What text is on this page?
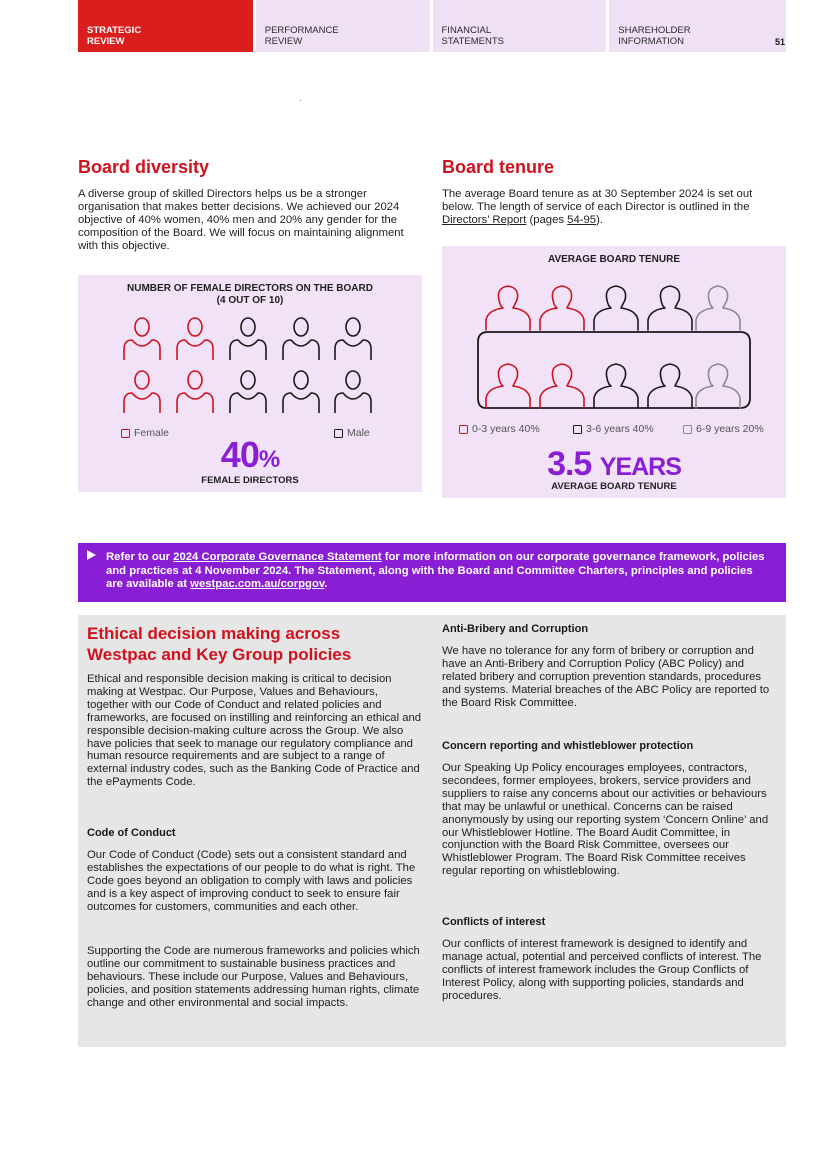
STRATEGIC
REVIEW
PERFORMANCE
REVIEW
FINANCIAL
STATEMENTS
SHAREHOLDER
INFORMATION	51
Board diversity

A diverse group of skilled Directors helps us be a stronger organisation that makes better decisions. We achieved our 2024 objective of 40% women, 40% men and 20% any gender for the composition of the Board. We will focus on maintaining alignment with this objective.

NUMBER OF FEMALE DIRECTORS ON THE BOARD
(4 OUT OF 10)
Female	Male
40%
FEMALE DIRECTORS
Board tenure

The average Board tenure as at 30 September 2024 is set out below. The length of service of each Director is outlined in the Directors’ Report (pages 54-95).

AVERAGE BOARD TENURE
0-3 years 40%	3-6 years 40%	6-9 years 20%
3.5 YEARS
AVERAGE BOARD TENURE
Refer to our 2024 Corporate Governance Statement for more information on our corporate governance framework, policies and practices at 4 November 2024. The Statement, along with the Board and Committee Charters, principles and policies are available at westpac.com.au/corpgov.
Ethical decision making across Westpac and Key Group policies

Ethical and responsible decision making is critical to decision making at Westpac. Our Purpose, Values and Behaviours, together with our Code of Conduct and related policies and frameworks, are focused on instilling and reinforcing an ethical and responsible decision-making culture across the Group. We also have policies that seek to manage our regulatory compliance and human resource requirements and are subject to a range of external industry codes, such as the Banking Code of Practice and the ePayments Code.

Code of Conduct

Our Code of Conduct (Code) sets out a consistent standard and establishes the expectations of our people to do what is right. The Code goes beyond an obligation to comply with laws and policies and is a key aspect of improving conduct to seek to ensure fair outcomes for customers, communities and each other.

Supporting the Code are numerous frameworks and policies which outline our commitment to sustainable business practices and behaviours. These include our Purpose, Values and Behaviours, policies, and position statements addressing human rights, climate change and other environmental and social impacts.

Anti-Bribery and Corruption

We have no tolerance for any form of bribery or corruption and have an Anti-Bribery and Corruption Policy (ABC Policy) and related bribery and corruption prevention standards, procedures and systems. Material breaches of the ABC Policy are reported to the Board Risk Committee.

Concern reporting and whistleblower protection

Our Speaking Up Policy encourages employees, contractors, secondees, former employees, brokers, service providers and suppliers to raise any concerns about our activities or behaviours that may be unlawful or unethical. Concerns can be raised anonymously by using our reporting system ‘Concern Online’ and our Whistleblower Hotline. The Board Audit Committee, in conjunction with the Board Risk Committee, oversees our Whistleblower Program. The Board Risk Committee receives regular reporting on whistleblowing.

Conflicts of interest

Our conflicts of interest framework is designed to identify and manage actual, potential and perceived conflicts of interest. The conflicts of interest framework includes the Group Conflicts of Interest Policy, along with supporting policies, standards and procedures.
